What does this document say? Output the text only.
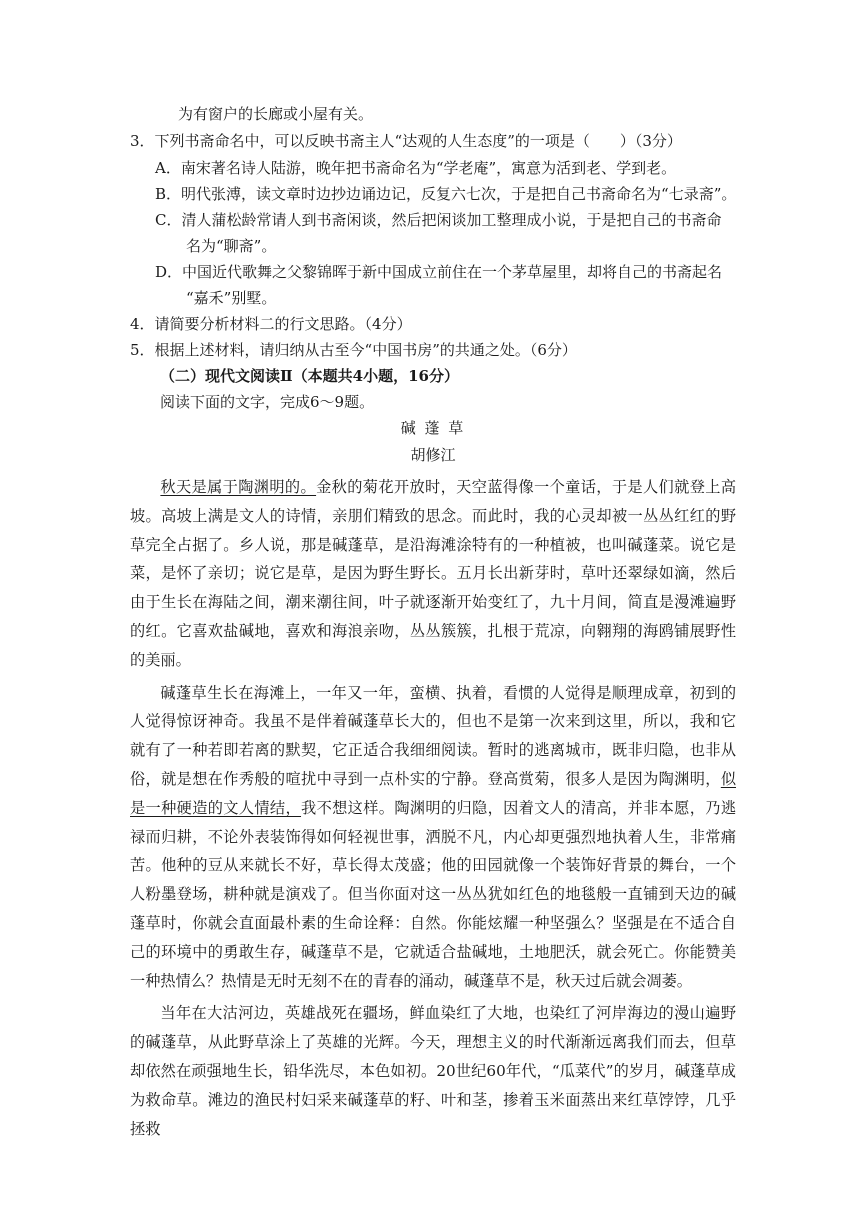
为有窗户的长廊或小屋有关。
3．下列书斋命名中，可以反映书斋主人“达观的人生态度”的一项是（　　）（3分）
A．南宋著名诗人陆游，晚年把书斋命名为“学老庵”，寓意为活到老、学到老。
B．明代张溥，读文章时边抄边诵边记，反复六七次，于是把自己书斋命名为“七录斋”。
C．清人蒲松龄常请人到书斋闲谈，然后把闲谈加工整理成小说，于是把自己的书斋命
名为“聊斋”。
D．中国近代歌舞之父黎锦晖于新中国成立前住在一个茅草屋里，却将自己的书斋起名
“嘉禾”别墅。
4．请简要分析材料二的行文思路。（4分）
5．根据上述材料，请归纳从古至今“中国书房”的共通之处。（6分）
（二）现代文阅读Ⅱ（本题共4小题，16分）
阅读下面的文字，完成6～9题。
碱 蓬 草
胡修江

秋天是属于陶渊明的。金秋的菊花开放时，天空蓝得像一个童话，于是人们就登上高坡。高坡上满是文人的诗情，亲朋们精致的思念。而此时，我的心灵却被一丛丛红红的野草完全占据了。乡人说，那是碱蓬草，是沿海滩涂特有的一种植被，也叫碱蓬菜。说它是菜，是怀了亲切；说它是草，是因为野生野长。五月长出新芽时，草叶还翠绿如滴，然后由于生长在海陆之间，潮来潮往间，叶子就逐渐开始变红了，九十月间，简直是漫滩遍野的红。它喜欢盐碱地，喜欢和海浪亲吻，丛丛簇簇，扎根于荒凉，向翱翔的海鸥铺展野性的美丽。

碱蓬草生长在海滩上，一年又一年，蛮横、执着，看惯的人觉得是顺理成章，初到的人觉得惊讶神奇。我虽不是伴着碱蓬草长大的，但也不是第一次来到这里，所以，我和它就有了一种若即若离的默契，它正适合我细细阅读。暂时的逃离城市，既非归隐，也非从俗，就是想在作秀般的喧扰中寻到一点朴实的宁静。登高赏菊，很多人是因为陶渊明，似是一种硬造的文人情结，我不想这样。陶渊明的归隐，因着文人的清高，并非本愿，乃逃禄而归耕，不论外表装饰得如何轻视世事，洒脱不凡，内心却更强烈地执着人生，非常痛苦。他种的豆从来就长不好，草长得太茂盛；他的田园就像一个装饰好背景的舞台，一个人粉墨登场，耕种就是演戏了。但当你面对这一丛丛犹如红色的地毯般一直铺到天边的碱蓬草时，你就会直面最朴素的生命诠释：自然。你能炫耀一种坚强么？坚强是在不适合自己的环境中的勇敢生存，碱蓬草不是，它就适合盐碱地，土地肥沃，就会死亡。你能赞美一种热情么？热情是无时无刻不在的青春的涌动，碱蓬草不是，秋天过后就会凋萎。

当年在大沽河边，英雄战死在疆场，鲜血染红了大地，也染红了河岸海边的漫山遍野的碱蓬草，从此野草涂上了英雄的光辉。今天，理想主义的时代渐渐远离我们而去，但草却依然在顽强地生长，铅华洗尽，本色如初。20世纪60年代，“瓜菜代”的岁月，碱蓬草成为救命草。滩边的渔民村妇采来碱蓬草的籽、叶和茎，掺着玉米面蒸出来红草饽饽，几乎拯救
